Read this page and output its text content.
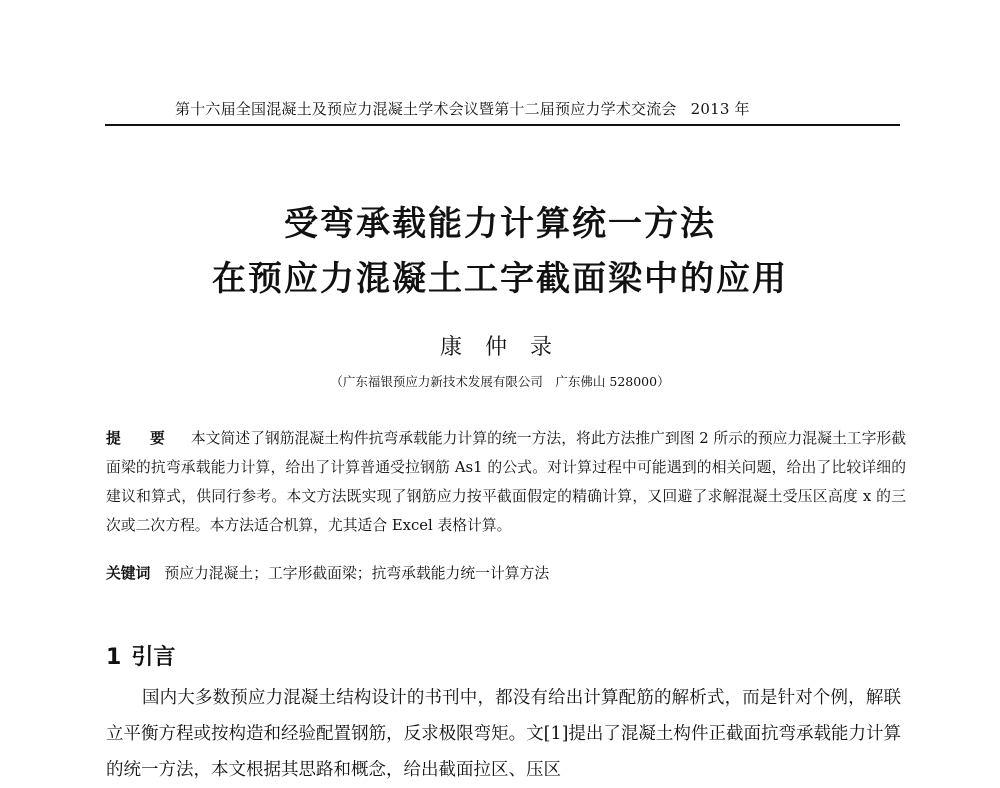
第十六届全国混凝土及预应力混凝土学术会议暨第十二届预应力学术交流会 2013 年
受弯承载能力计算统一方法
在预应力混凝土工字截面梁中的应用
康 仲 录
（广东福银预应力新技术发展有限公司　广东佛山 528000）
提 要 本文简述了钢筋混凝土构件抗弯承载能力计算的统一方法，将此方法推广到图 2 所示的预应力混凝土工字形截面梁的抗弯承载能力计算，给出了计算普通受拉钢筋 As1 的公式。对计算过程中可能遇到的相关问题，给出了比较详细的建议和算式，供同行参考。本文方法既实现了钢筋应力按平截面假定的精确计算，又回避了求解混凝土受压区高度 x 的三次或二次方程。本方法适合机算，尤其适合 Excel 表格计算。
关键词 预应力混凝土；工字形截面梁；抗弯承载能力统一计算方法
1 引言
国内大多数预应力混凝土结构设计的书刊中，都没有给出计算配筋的解析式，而是针对个例，解联立平衡方程或按构造和经验配置钢筋，反求极限弯矩。文[1]提出了混凝土构件正截面抗弯承载能力计算的统一方法，本文根据其思路和概念，给出截面拉区、压区
